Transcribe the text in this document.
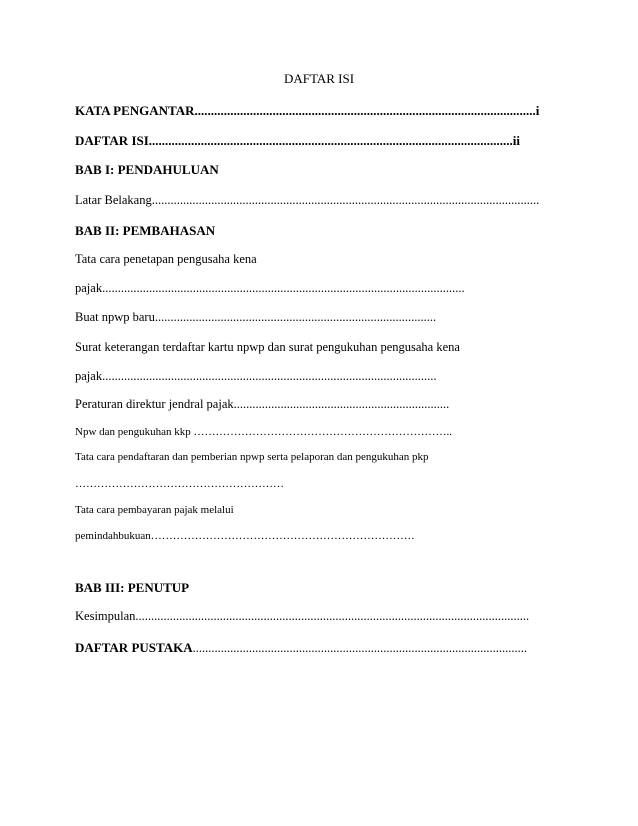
DAFTAR ISI
KATA PENGANTAR.........................................................................................................i
DAFTAR ISI................................................................................................................ii
BAB I: PENDAHULUAN
Latar Belakang............................................................................................................................
BAB II: PEMBAHASAN
Tata cara penetapan pengusaha kena
pajak....................................................................................................................
Buat npwp baru..........................................................................................
Surat keterangan terdaftar kartu npwp dan surat pengukuhan pengusaha kena
pajak...........................................................................................................
Peraturan direktur jendral pajak.....................................................................
Npw dan pengukuhan kkp ……………………………………………………………..
Tata cara pendaftaran dan pemberian npwp serta pelaporan dan pengukuhan pkp
…………………………………………………
Tata cara pembayaran pajak melalui
pemindahbukuan………………………………………………………………
BAB III: PENUTUP
Kesimpulan..............................................................................................................................
DAFTAR PUSTAKA...........................................................................................................
